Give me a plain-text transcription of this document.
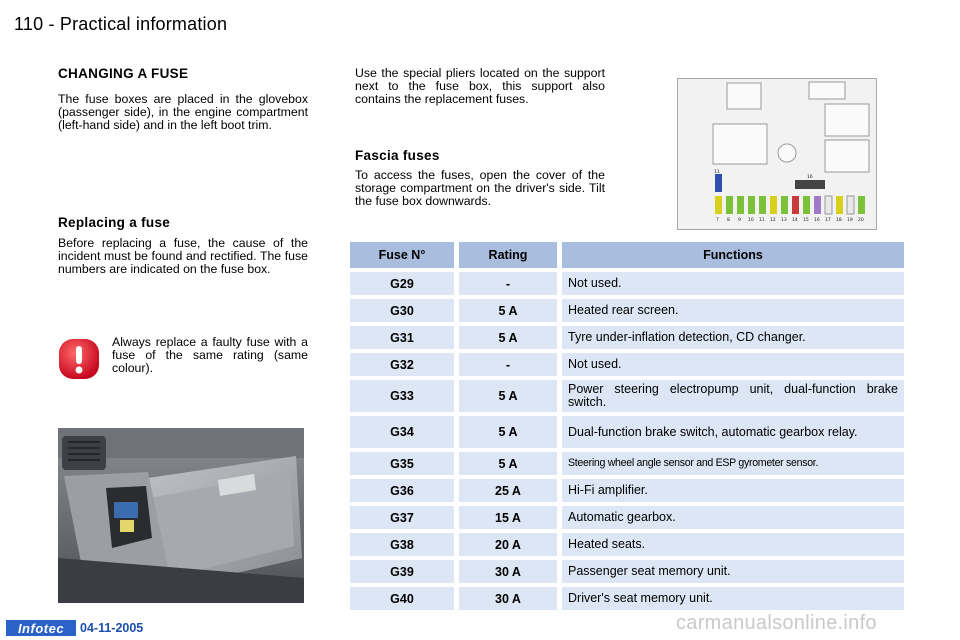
110 - Practical information
CHANGING A FUSE
The fuse boxes are placed in the glovebox (passenger side), in the engine compartment (left-hand side) and in the left boot trim.
Replacing a fuse
Before replacing a fuse, the cause of the incident must be found and rectified. The fuse numbers are indicated on the fuse box.
Always replace a faulty fuse with a fuse of the same rating (same colour).
Use the special pliers located on the support next to the fuse box, this support also contains the replacement fuses.
Fascia fuses
To access the fuses, open the cover of the storage compartment on the driver's side. Tilt the fuse box downwards.
11
16
7 8 9 10 11 12 13 14 15 16 17 18 19 20
Fuse N°	Rating	Functions
G29	-	Not used.
G30	5 A	Heated rear screen.
G31	5 A	Tyre under-inflation detection, CD changer.
G32	-	Not used.
G33	5 A	Power steering electropump unit, dual-function brake switch.
G34	5 A	Dual-function brake switch, automatic gearbox relay.
G35	5 A	Steering wheel angle sensor and ESP gyrometer sensor.
G36	25 A	Hi-Fi amplifier.
G37	15 A	Automatic gearbox.
G38	20 A	Heated seats.
G39	30 A	Passenger seat memory unit.
G40	30 A	Driver's seat memory unit.
Infotec	04-11-2005	carmanualsonline.info
